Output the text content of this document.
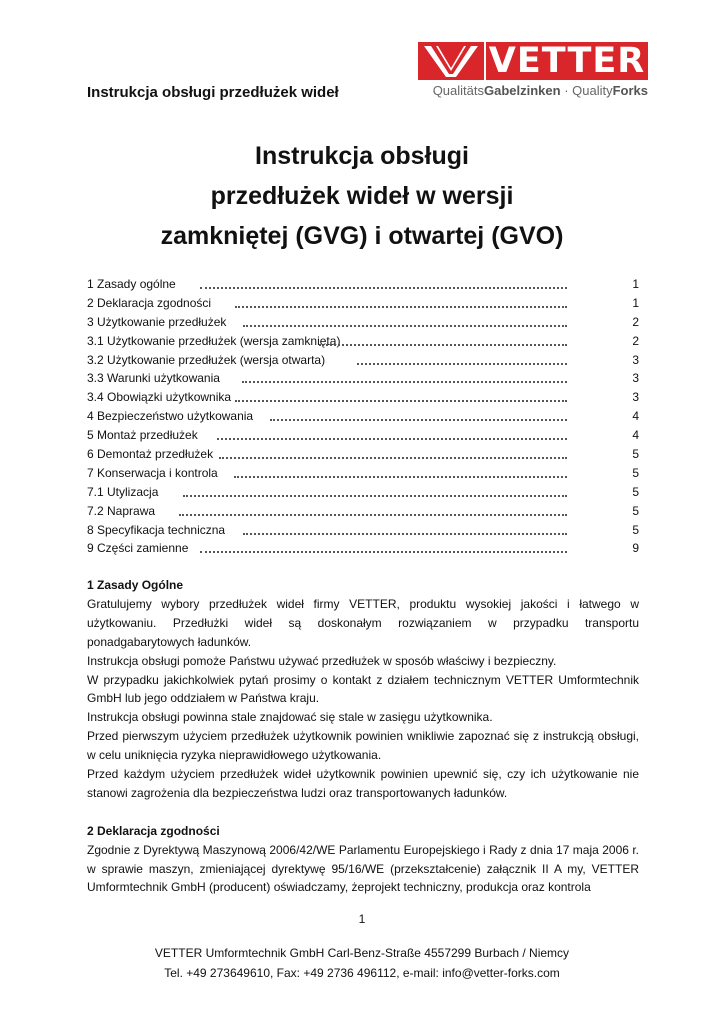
Instrukcja obsługi przedłużek wideł
VETTER
QualitätsGabelzinken · QualityForks
Instrukcja obsługi
przedłużek wideł w wersji
zamkniętej (GVG) i otwartej (GVO)
1 Zasady ogólne	1
2 Deklaracja zgodności	1
3 Użytkowanie przedłużek	2
3.1 Użytkowanie przedłużek (wersja zamknięta)	2
3.2 Użytkowanie przedłużek (wersja otwarta)	3
3.3 Warunki użytkowania	3
3.4 Obowiązki użytkownika	3
4 Bezpieczeństwo użytkowania	4
5 Montaż przedłużek	4
6 Demontaż przedłużek	5
7 Konserwacja i kontrola	5
7.1 Utylizacja	5
7.2 Naprawa	5
8 Specyfikacja techniczna	5
9 Części zamienne	9
1 Zasady Ogólne
Gratulujemy wybory przedłużek wideł firmy VETTER, produktu wysokiej jakości i łatwego w użytkowaniu. Przedłużki wideł są doskonałym rozwiązaniem w przypadku transportu ponadgabarytowych ładunków.
Instrukcja obsługi pomoże Państwu używać przedłużek w sposób właściwy i bezpieczny.
W przypadku jakichkolwiek pytań prosimy o kontakt z działem technicznym VETTER Umformtechnik GmbH lub jego oddziałem w Państwa kraju.
Instrukcja obsługi powinna stale znajdować się stale w zasięgu użytkownika.
Przed pierwszym użyciem przedłużek użytkownik powinien wnikliwie zapoznać się z instrukcją obsługi, w celu uniknięcia ryzyka nieprawidłowego użytkowania.
Przed każdym użyciem przedłużek wideł użytkownik powinien upewnić się, czy ich użytkowanie nie stanowi zagrożenia dla bezpieczeństwa ludzi oraz transportowanych ładunków.
2 Deklaracja zgodności
Zgodnie z Dyrektywą Maszynową 2006/42/WE Parlamentu Europejskiego i Rady z dnia 17 maja 2006 r. w sprawie maszyn, zmieniającej dyrektywę 95/16/WE (przekształcenie) załącznik II A my, VETTER Umformtechnik GmbH (producent) oświadczamy, żeprojekt techniczny, produkcja oraz kontrola
1
VETTER Umformtechnik GmbH Carl-Benz-Straße 4557299 Burbach / Niemcy
Tel. +49 273649610, Fax: +49 2736 496112, e-mail: info@vetter-forks.com
